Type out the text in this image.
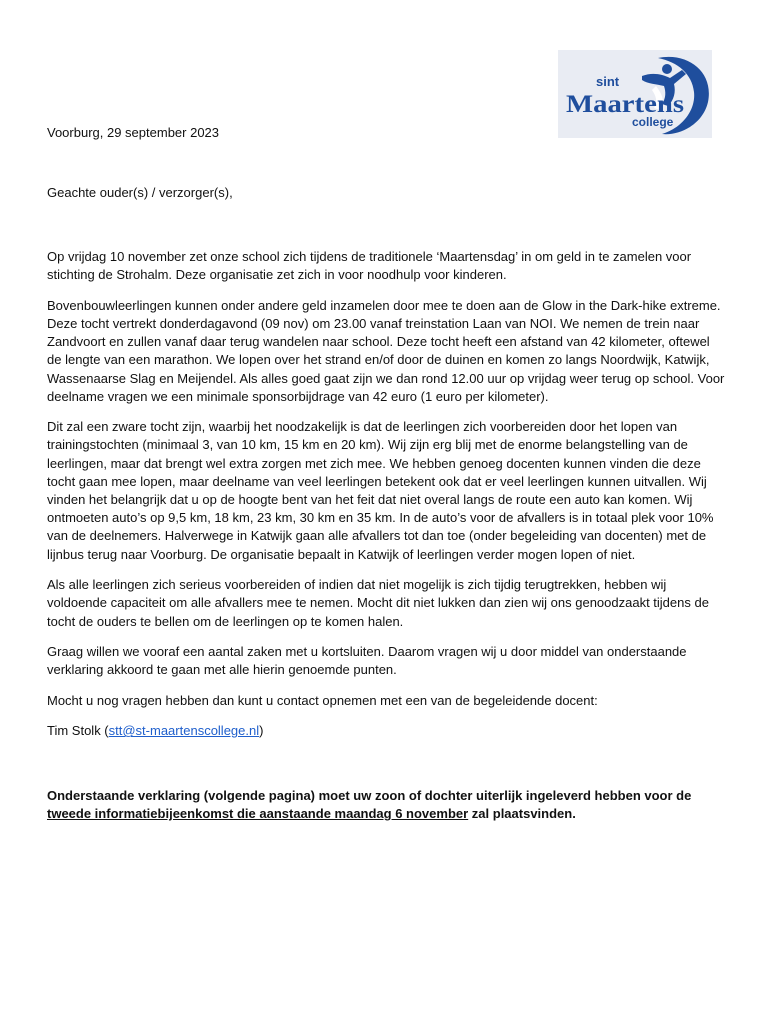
sint
Maartens
college

Voorburg, 29 september 2023

Geachte ouder(s) / verzorger(s),

Op vrijdag 10 november zet onze school zich tijdens de traditionele ‘Maartensdag’ in om geld in te zamelen voor stichting de Strohalm. Deze organisatie zet zich in voor noodhulp voor kinderen.

Bovenbouwleerlingen kunnen onder andere geld inzamelen door mee te doen aan de Glow in the Dark-hike extreme. Deze tocht vertrekt donderdagavond (09 nov) om 23.00 vanaf treinstation Laan van NOI. We nemen de trein naar Zandvoort en zullen vanaf daar terug wandelen naar school. Deze tocht heeft een afstand van 42 kilometer, oftewel de lengte van een marathon. We lopen over het strand en/of door de duinen en komen zo langs Noordwijk, Katwijk, Wassenaarse Slag en Meijendel. Als alles goed gaat zijn we dan rond 12.00 uur op vrijdag weer terug op school. Voor deelname vragen we een minimale sponsorbijdrage van 42 euro (1 euro per kilometer).

Dit zal een zware tocht zijn, waarbij het noodzakelijk is dat de leerlingen zich voorbereiden door het lopen van trainingstochten (minimaal 3, van 10 km, 15 km en 20 km). Wij zijn erg blij met de enorme belangstelling van de leerlingen, maar dat brengt wel extra zorgen met zich mee. We hebben genoeg docenten kunnen vinden die deze tocht gaan mee lopen, maar deelname van veel leerlingen betekent ook dat er veel leerlingen kunnen uitvallen. Wij vinden het belangrijk dat u op de hoogte bent van het feit dat niet overal langs de route een auto kan komen. Wij ontmoeten auto’s op 9,5 km, 18 km, 23 km, 30 km en 35 km. In de auto’s voor de afvallers is in totaal plek voor 10% van de deelnemers. Halverwege in Katwijk gaan alle afvallers tot dan toe (onder begeleiding van docenten) met de lijnbus terug naar Voorburg. De organisatie bepaalt in Katwijk of leerlingen verder mogen lopen of niet.

Als alle leerlingen zich serieus voorbereiden of indien dat niet mogelijk is zich tijdig terugtrekken, hebben wij voldoende capaciteit om alle afvallers mee te nemen. Mocht dit niet lukken dan zien wij ons genoodzaakt tijdens de tocht de ouders te bellen om de leerlingen op te komen halen.

Graag willen we vooraf een aantal zaken met u kortsluiten. Daarom vragen wij u door middel van onderstaande verklaring akkoord te gaan met alle hierin genoemde punten.

Mocht u nog vragen hebben dan kunt u contact opnemen met een van de begeleidende docent:

Tim Stolk (stt@st-maartenscollege.nl)

Onderstaande verklaring (volgende pagina) moet uw zoon of dochter uiterlijk ingeleverd hebben voor de tweede informatiebijeenkomst die aanstaande maandag 6 november zal plaatsvinden.
